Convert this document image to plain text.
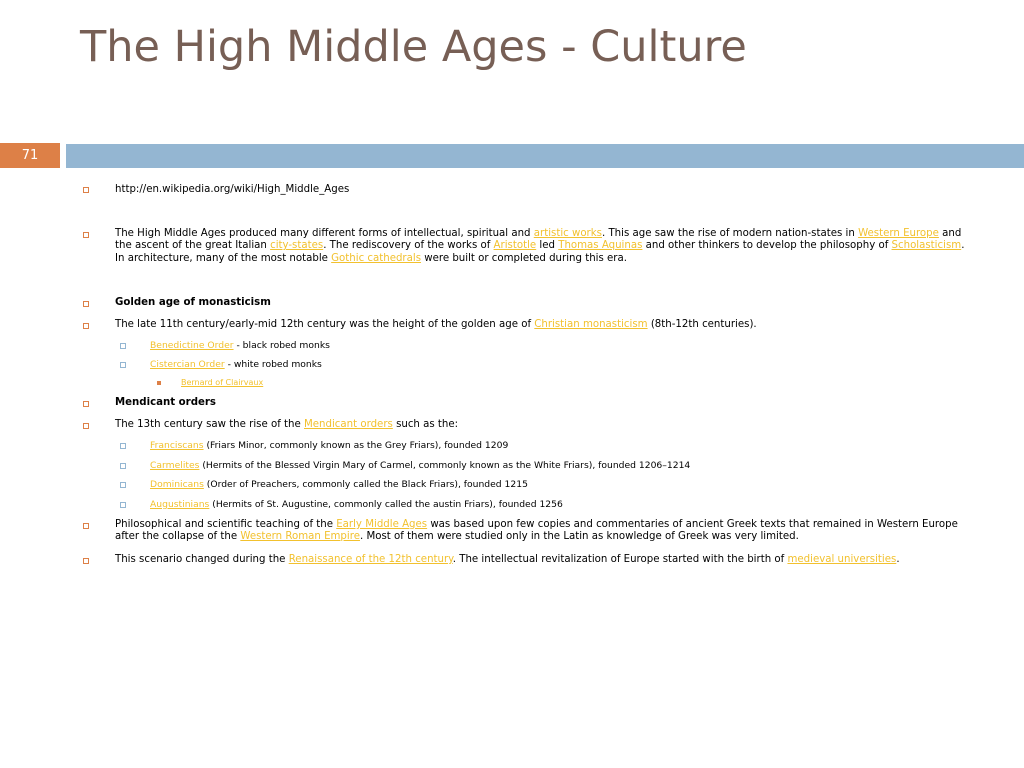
The High Middle Ages - Culture
71
http://en.wikipedia.org/wiki/High_Middle_Ages
The High Middle Ages produced many different forms of intellectual, spiritual and artistic works. This age saw the rise of modern nation-states in Western Europe and the ascent of the great Italian city-states. The rediscovery of the works of Aristotle led Thomas Aquinas and other thinkers to develop the philosophy of Scholasticism. In architecture, many of the most notable Gothic cathedrals were built or completed during this era.
Golden age of monasticism
The late 11th century/early-mid 12th century was the height of the golden age of Christian monasticism (8th-12th centuries).
Benedictine Order - black robed monks
Cistercian Order - white robed monks
Bernard of Clairvaux
Mendicant orders
The 13th century saw the rise of the Mendicant orders such as the:
Franciscans (Friars Minor, commonly known as the Grey Friars), founded 1209
Carmelites (Hermits of the Blessed Virgin Mary of Carmel, commonly known as the White Friars), founded 1206–1214
Dominicans (Order of Preachers, commonly called the Black Friars), founded 1215
Augustinians (Hermits of St. Augustine, commonly called the austin Friars), founded 1256
Philosophical and scientific teaching of the Early Middle Ages was based upon few copies and commentaries of ancient Greek texts that remained in Western Europe after the collapse of the Western Roman Empire. Most of them were studied only in the Latin as knowledge of Greek was very limited.
This scenario changed during the Renaissance of the 12th century. The intellectual revitalization of Europe started with the birth of medieval universities.
